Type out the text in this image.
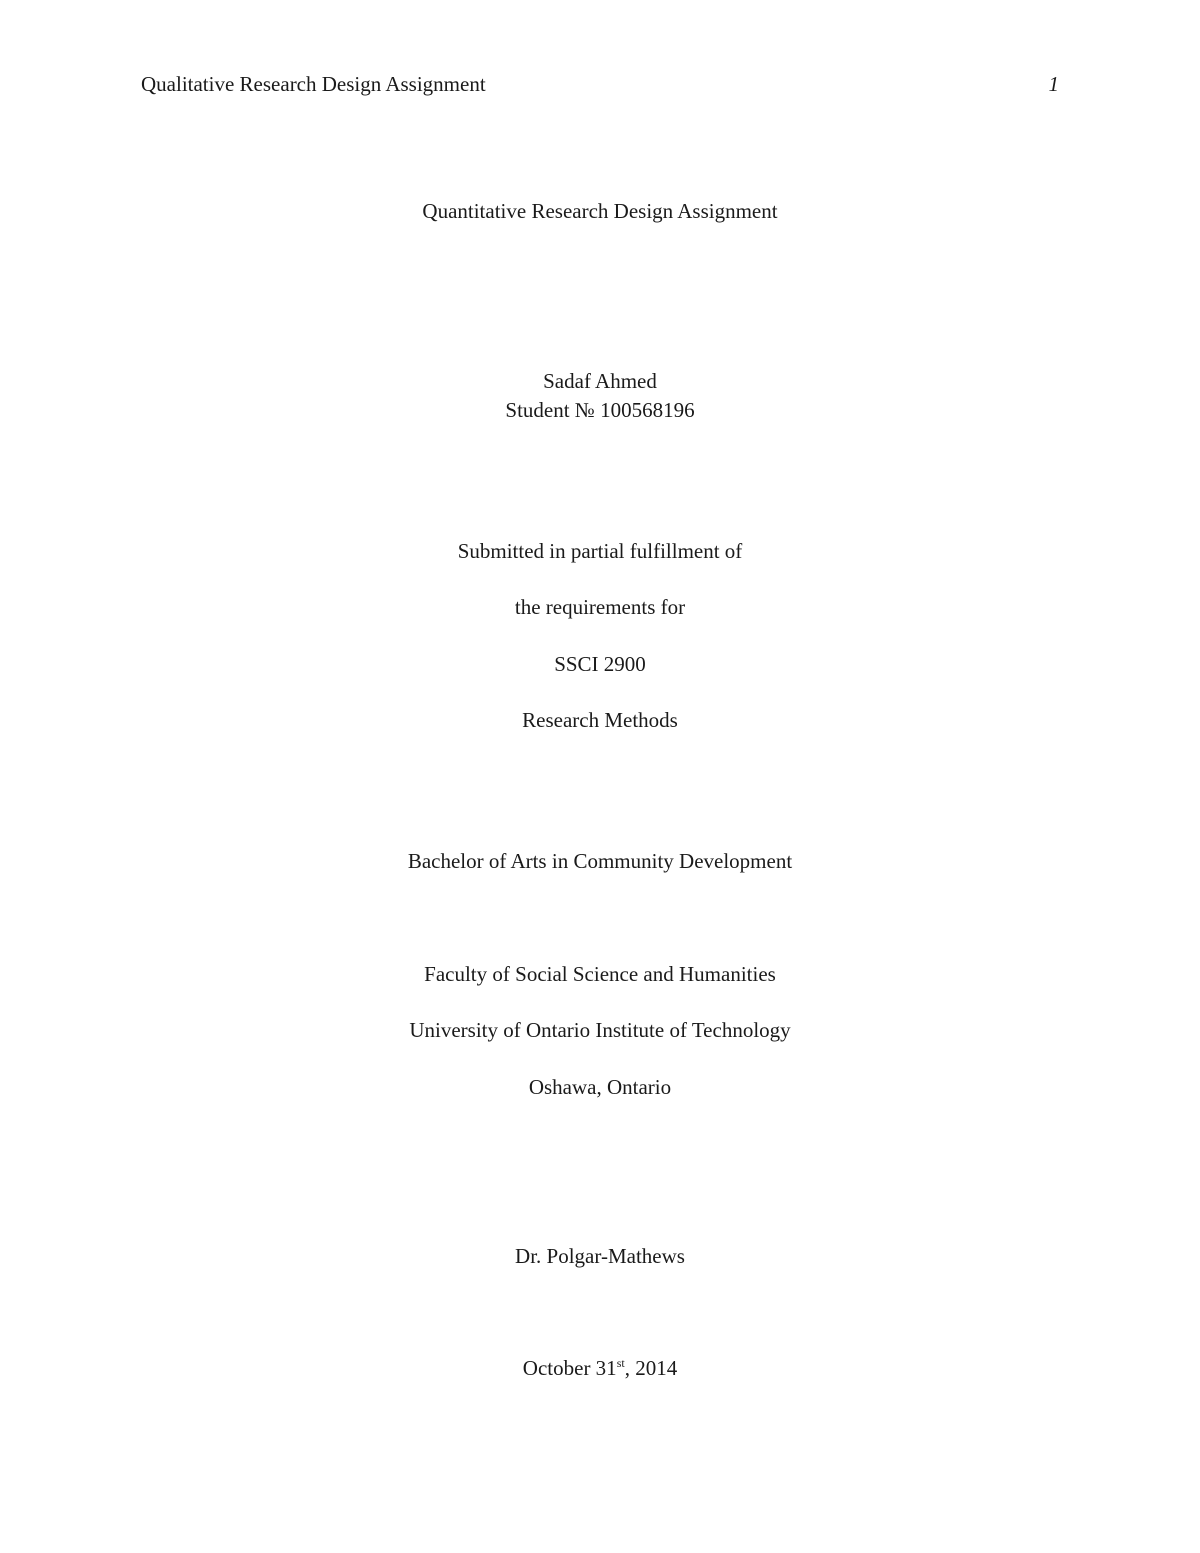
Qualitative Research Design Assignment	1
Quantitative Research Design Assignment
Sadaf Ahmed
Student № 100568196
Submitted in partial fulfillment of
the requirements for
SSCI 2900
Research Methods
Bachelor of Arts in Community Development
Faculty of Social Science and Humanities
University of Ontario Institute of Technology
Oshawa, Ontario
Dr. Polgar-Mathews
October 31st, 2014
